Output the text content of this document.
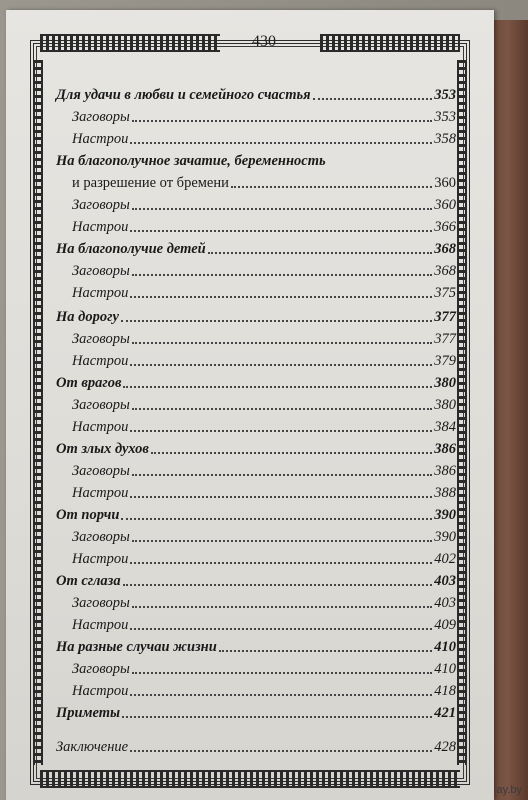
430
Для удачи в любви и семейного счастья	353
Заговоры	353
Настрои	358
На благополучное зачатие, беременность
и разрешение от бремени	360
Заговоры	360
Настрои	366
На благополучие детей	368
Заговоры	368
Настрои	375
На дорогу	377
Заговоры	377
Настрои	379
От врагов	380
Заговоры	380
Настрои	384
От злых духов	386
Заговоры	386
Настрои	388
От порчи	390
Заговоры	390
Настрои	402
От сглаза	403
Заговоры	403
Настрои	409
На разные случаи жизни	410
Заговоры	410
Настрои	418
Приметы	421
Заключение	428
ay.by
